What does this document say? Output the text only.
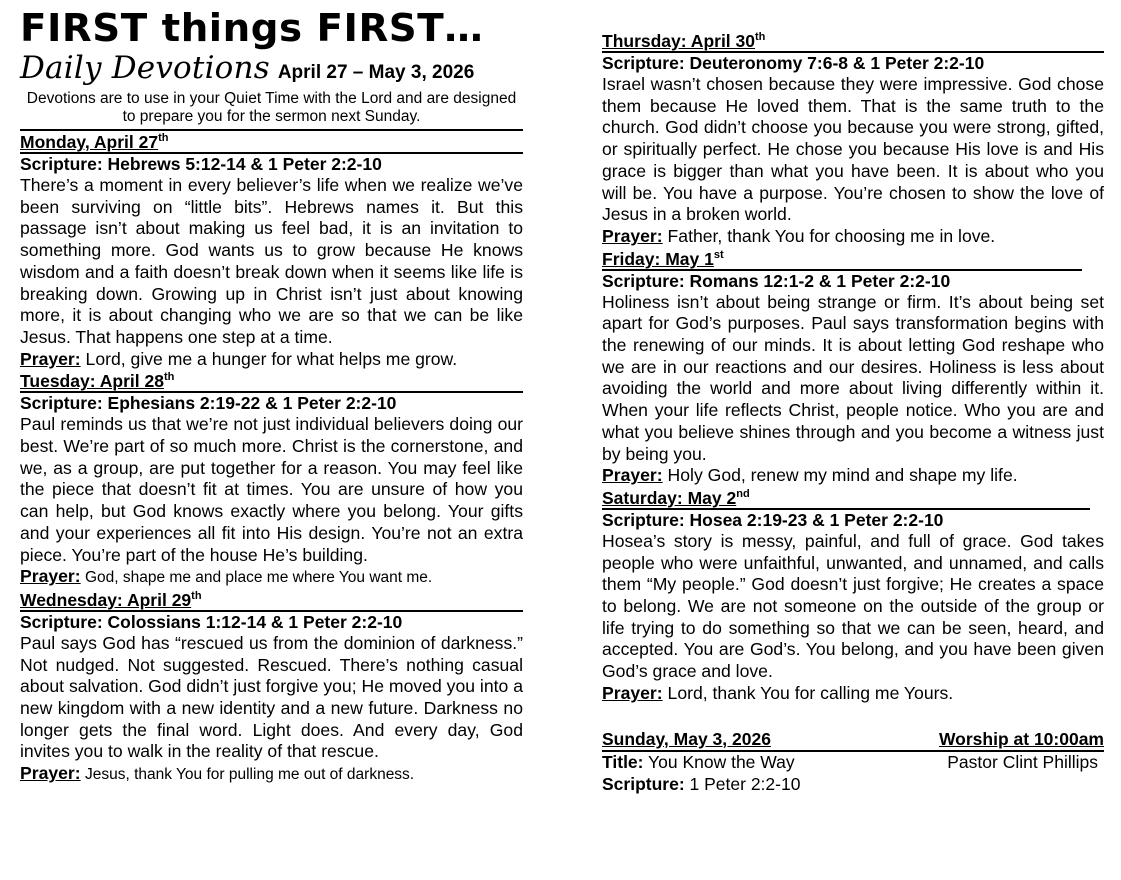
FIRST things FIRST…
Daily Devotions April 27 – May 3, 2026
Devotions are to use in your Quiet Time with the Lord and are designed to prepare you for the sermon next Sunday.
Monday, April 27th
Scripture: Hebrews 5:12-14 & 1 Peter 2:2-10

There’s a moment in every believer’s life when we realize we’ve been surviving on “little bits”. Hebrews names it. But this passage isn’t about making us feel bad, it is an invitation to something more. God wants us to grow because He knows wisdom and a faith doesn’t break down when it seems like life is breaking down. Growing up in Christ isn’t just about knowing more, it is about changing who we are so that we can be like Jesus. That happens one step at a time.

Prayer: Lord, give me a hunger for what helps me grow.
Tuesday: April 28th
Scripture: Ephesians 2:19-22 & 1 Peter 2:2-10

Paul reminds us that we’re not just individual believers doing our best. We’re part of so much more. Christ is the cornerstone, and we, as a group, are put together for a reason. You may feel like the piece that doesn’t fit at times. You are unsure of how you can help, but God knows exactly where you belong. Your gifts and your experiences all fit into His design. You’re not an extra piece. You’re part of the house He’s building.

Prayer: God, shape me and place me where You want me.
Wednesday: April 29th
Scripture: Colossians 1:12-14 & 1 Peter 2:2-10

Paul says God has “rescued us from the dominion of darkness.” Not nudged. Not suggested. Rescued. There’s nothing casual about salvation. God didn’t just forgive you; He moved you into a new kingdom with a new identity and a new future. Darkness no longer gets the final word. Light does. And every day, God invites you to walk in the reality of that rescue.

Prayer: Jesus, thank You for pulling me out of darkness.
Thursday: April 30th
Scripture: Deuteronomy 7:6-8 & 1 Peter 2:2-10

Israel wasn’t chosen because they were impressive. God chose them because He loved them. That is the same truth to the church. God didn’t choose you because you were strong, gifted, or spiritually perfect. He chose you because His love is and His grace is bigger than what you have been. It is about who you will be. You have a purpose. You’re chosen to show the love of Jesus in a broken world.

Prayer: Father, thank You for choosing me in love.
Friday: May 1st
Scripture: Romans 12:1-2 & 1 Peter 2:2-10

Holiness isn’t about being strange or firm. It’s about being set apart for God’s purposes. Paul says transformation begins with the renewing of our minds. It is about letting God reshape who we are in our reactions and our desires. Holiness is less about avoiding the world and more about living differently within it. When your life reflects Christ, people notice. Who you are and what you believe shines through and you become a witness just by being you.

Prayer: Holy God, renew my mind and shape my life.
Saturday: May 2nd
Scripture: Hosea 2:19-23 & 1 Peter 2:2-10

Hosea’s story is messy, painful, and full of grace. God takes people who were unfaithful, unwanted, and unnamed, and calls them “My people.” God doesn’t just forgive; He creates a space to belong. We are not someone on the outside of the group or life trying to do something so that we can be seen, heard, and accepted. You are God’s. You belong, and you have been given God’s grace and love.

Prayer: Lord, thank You for calling me Yours.
Sunday, May 3, 2026	Worship at 10:00am
Title: You Know the Way	Pastor Clint Phillips
Scripture: 1 Peter 2:2-10
